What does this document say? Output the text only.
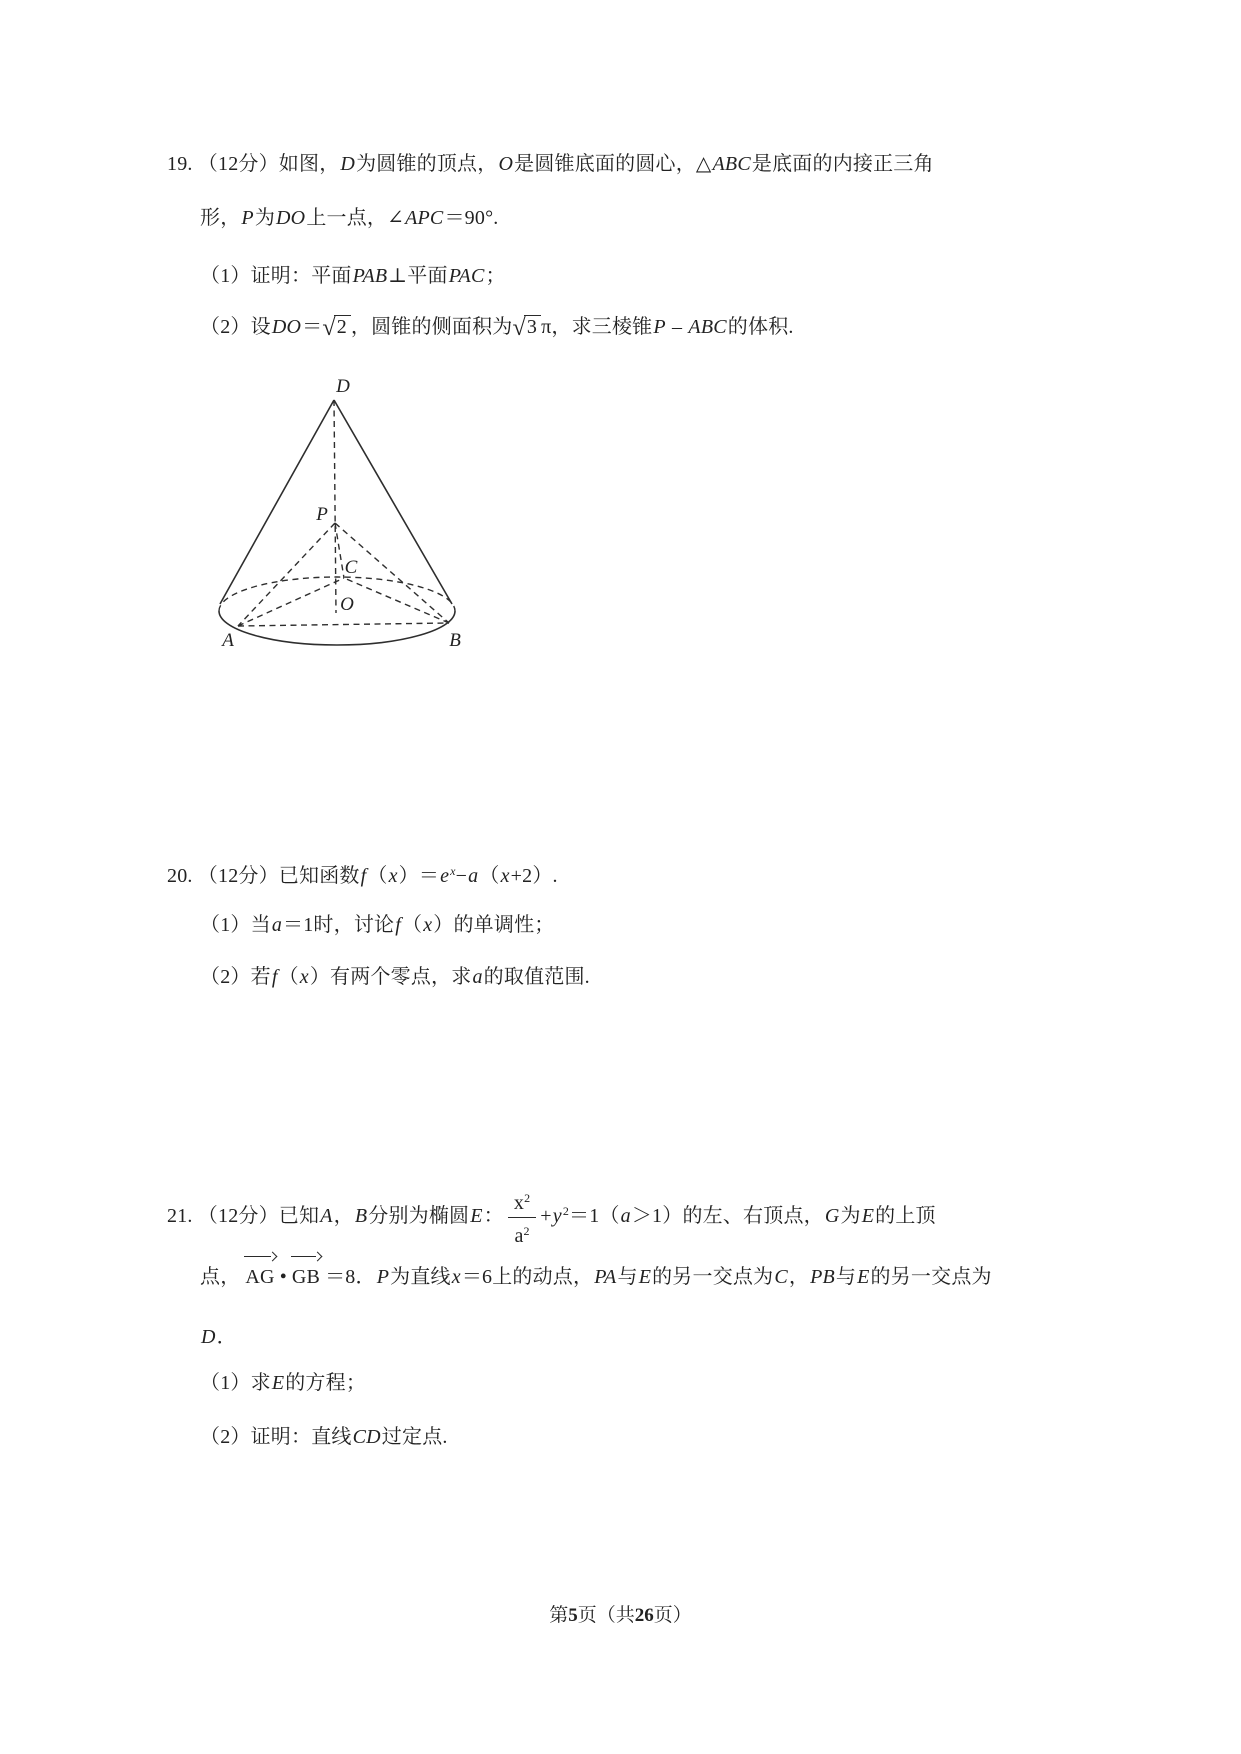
19. （12分）如图，D为圆锥的顶点，O是圆锥底面的圆心，△ABC是底面的内接正三角
形，P为DO上一点，∠APC＝90°.
（1）证明：平面PAB⊥平面PAC；
（2）设DO＝√2 ，圆锥的侧面积为√3 π，求三棱锥P – ABC的体积.
D
P
C
O
A	B
20. （12分）已知函数$f(x)=e^x-a(x+2)$.
（1）当a＝1时，讨论f（x）的单调性；
（2）若f（x）有两个零点，求a的取值范围.
21. （12分）已知A，B分别为椭圆E： $\frac{x^2}{a^2} +y^2=1(a>1)$的左、右顶点，G为E的上顶
点， AG • GB ＝8．P为直线x＝6上的动点，PA与E的另一交点为C，PB与E的另一交点为
D．
（1）求E的方程；
（2）证明：直线CD过定点.
第5页（共26页）
